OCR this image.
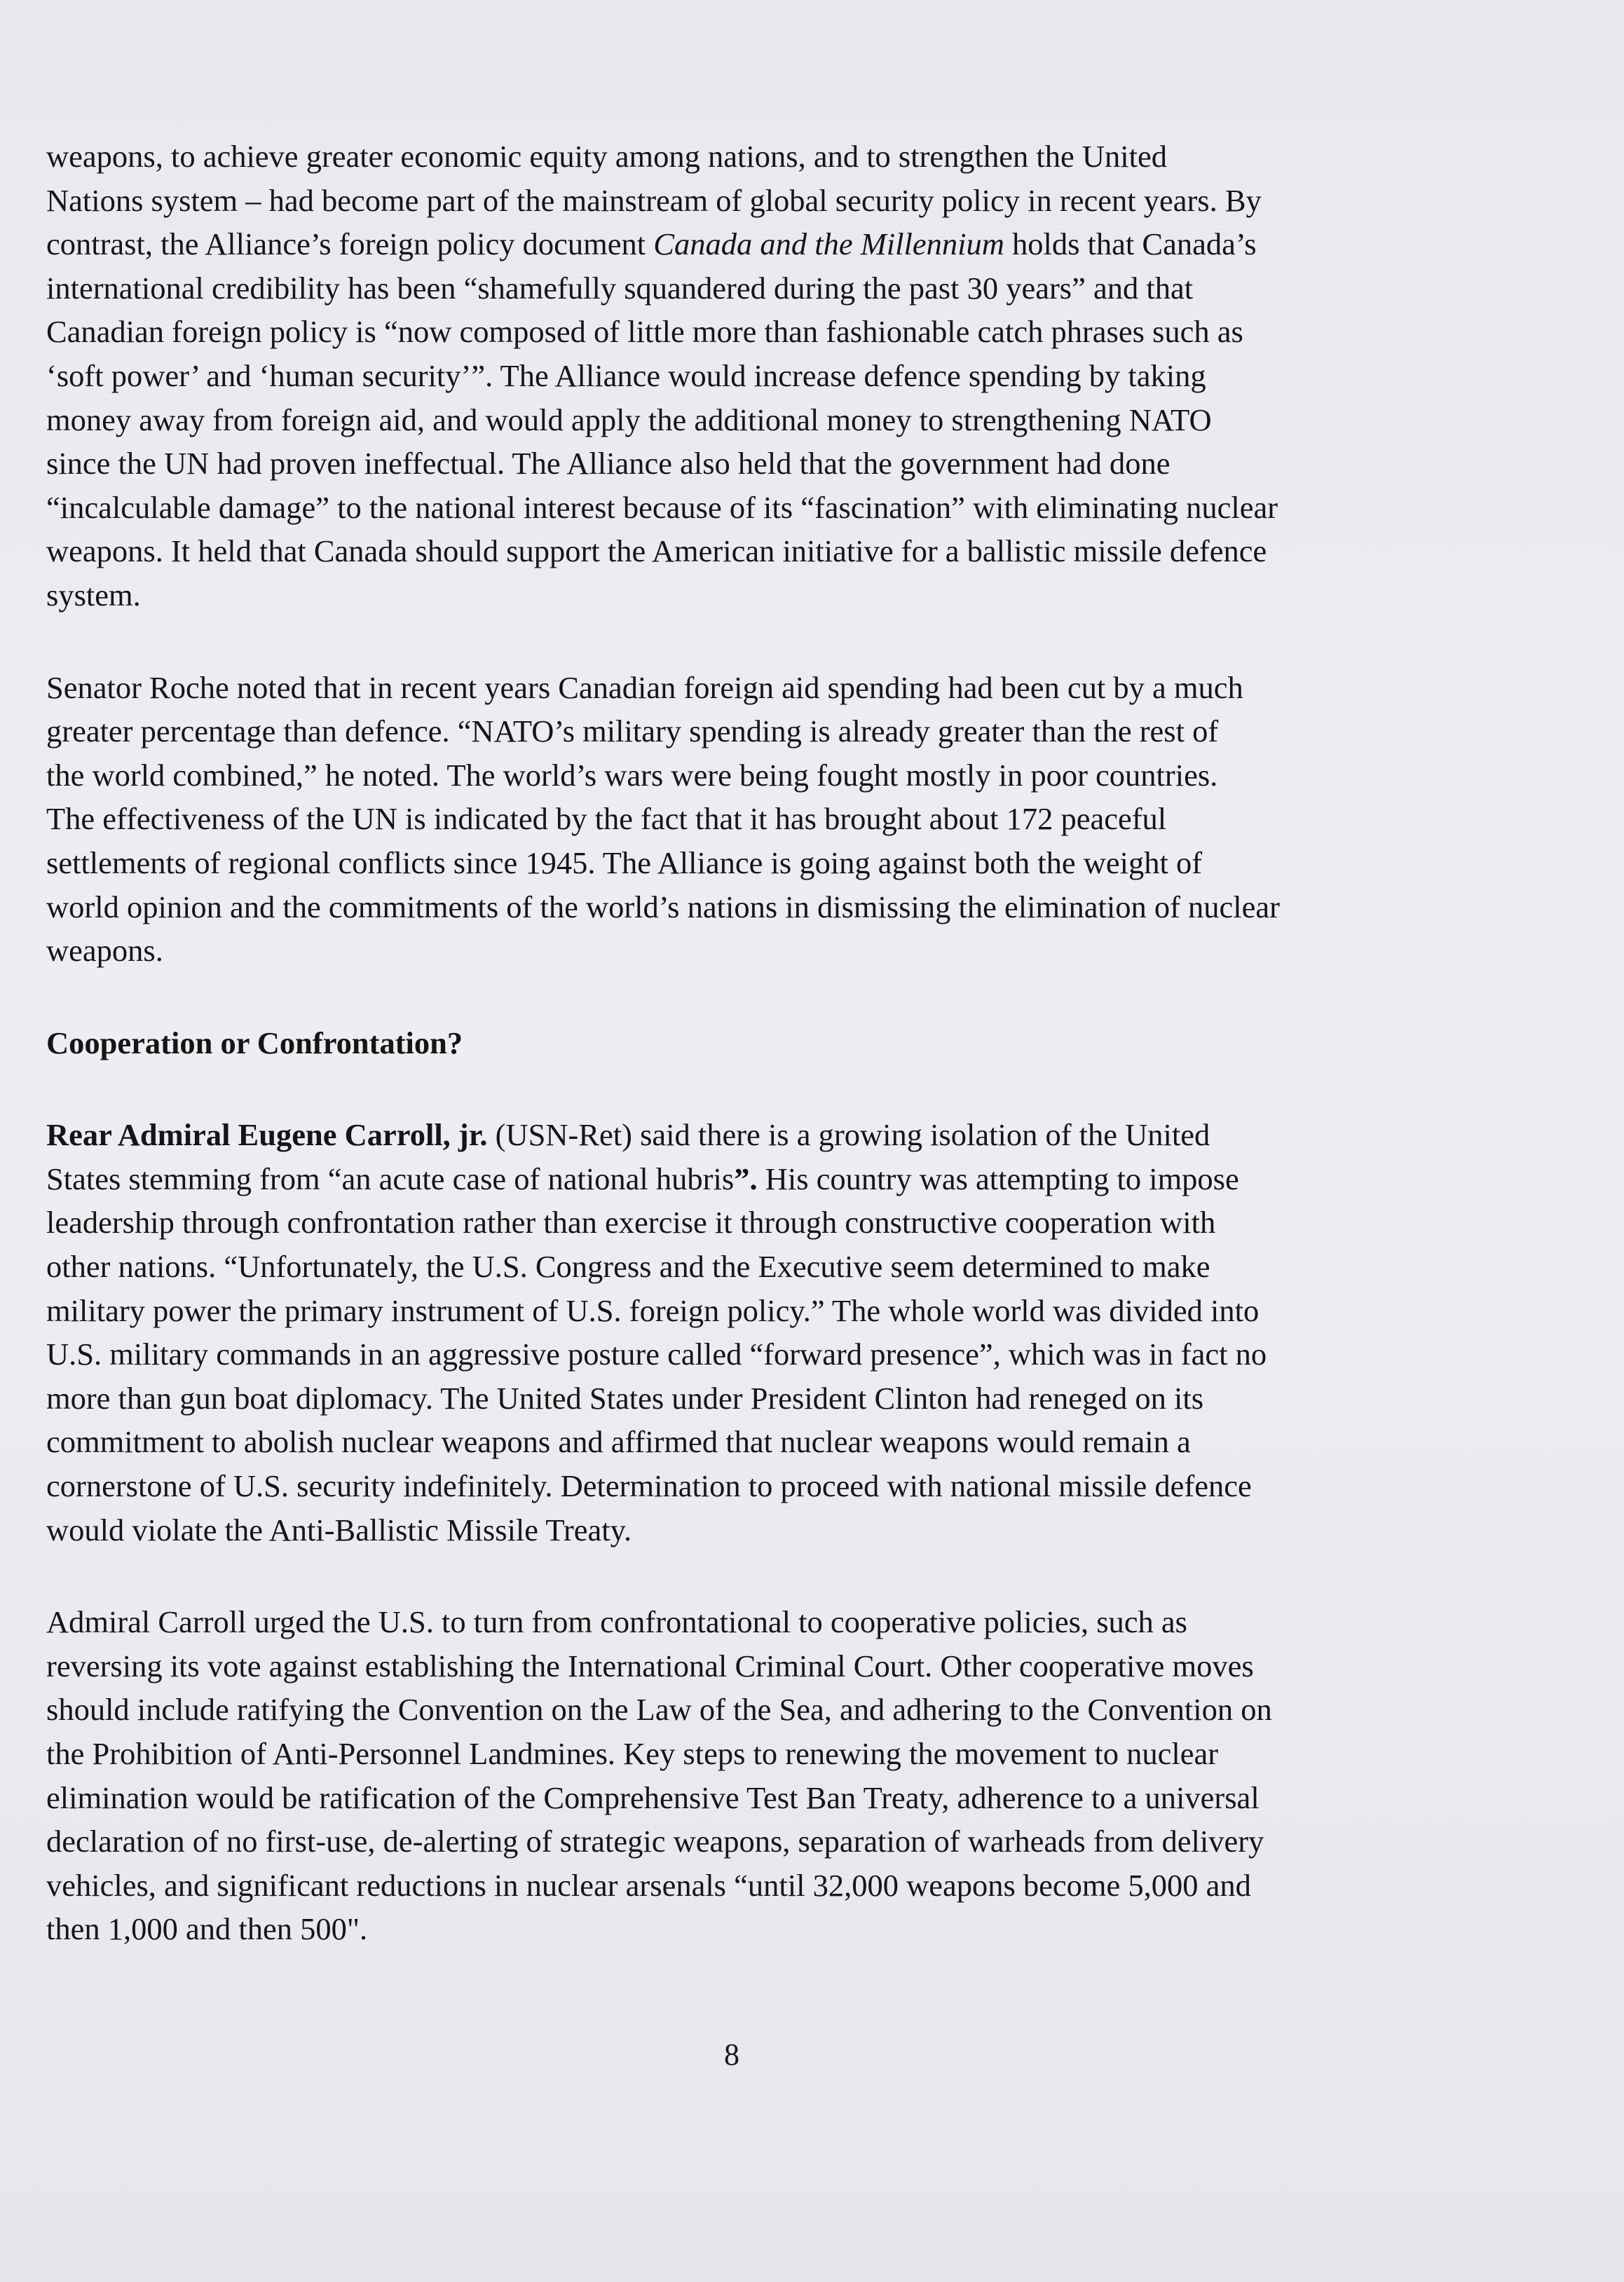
weapons, to achieve greater economic equity among nations, and to strengthen the United
Nations system – had become part of the mainstream of global security policy in recent years. By
contrast, the Alliance’s foreign policy document Canada and the Millennium holds that Canada’s
international credibility has been “shamefully squandered during the past 30 years” and that
Canadian foreign policy is “now composed of little more than fashionable catch phrases such as
‘soft power’ and ‘human security’”. The Alliance would increase defence spending by taking
money away from foreign aid, and would apply the additional money to strengthening NATO
since the UN had proven ineffectual. The Alliance also held that the government had done
“incalculable damage” to the national interest because of its “fascination” with eliminating nuclear
weapons. It held that Canada should support the American initiative for a ballistic missile defence
system.
Senator Roche noted that in recent years Canadian foreign aid spending had been cut by a much
greater percentage than defence. “NATO’s military spending is already greater than the rest of
the world combined,” he noted. The world’s wars were being fought mostly in poor countries.
The effectiveness of the UN is indicated by the fact that it has brought about 172 peaceful
settlements of regional conflicts since 1945. The Alliance is going against both the weight of
world opinion and the commitments of the world’s nations in dismissing the elimination of nuclear
weapons.
Cooperation or Confrontation?
Rear Admiral Eugene Carroll, jr. (USN-Ret) said there is a growing isolation of the United
States stemming from “an acute case of national hubris”. His country was attempting to impose
leadership through confrontation rather than exercise it through constructive cooperation with
other nations. “Unfortunately, the U.S. Congress and the Executive seem determined to make
military power the primary instrument of U.S. foreign policy.” The whole world was divided into
U.S. military commands in an aggressive posture called “forward presence”, which was in fact no
more than gun boat diplomacy. The United States under President Clinton had reneged on its
commitment to abolish nuclear weapons and affirmed that nuclear weapons would remain a
cornerstone of U.S. security indefinitely. Determination to proceed with national missile defence
would violate the Anti-Ballistic Missile Treaty.
Admiral Carroll urged the U.S. to turn from confrontational to cooperative policies, such as
reversing its vote against establishing the International Criminal Court. Other cooperative moves
should include ratifying the Convention on the Law of the Sea, and adhering to the Convention on
the Prohibition of Anti-Personnel Landmines. Key steps to renewing the movement to nuclear
elimination would be ratification of the Comprehensive Test Ban Treaty, adherence to a universal
declaration of no first-use, de-alerting of strategic weapons, separation of warheads from delivery
vehicles, and significant reductions in nuclear arsenals “until 32,000 weapons become 5,000 and
then 1,000 and then 500".
8
